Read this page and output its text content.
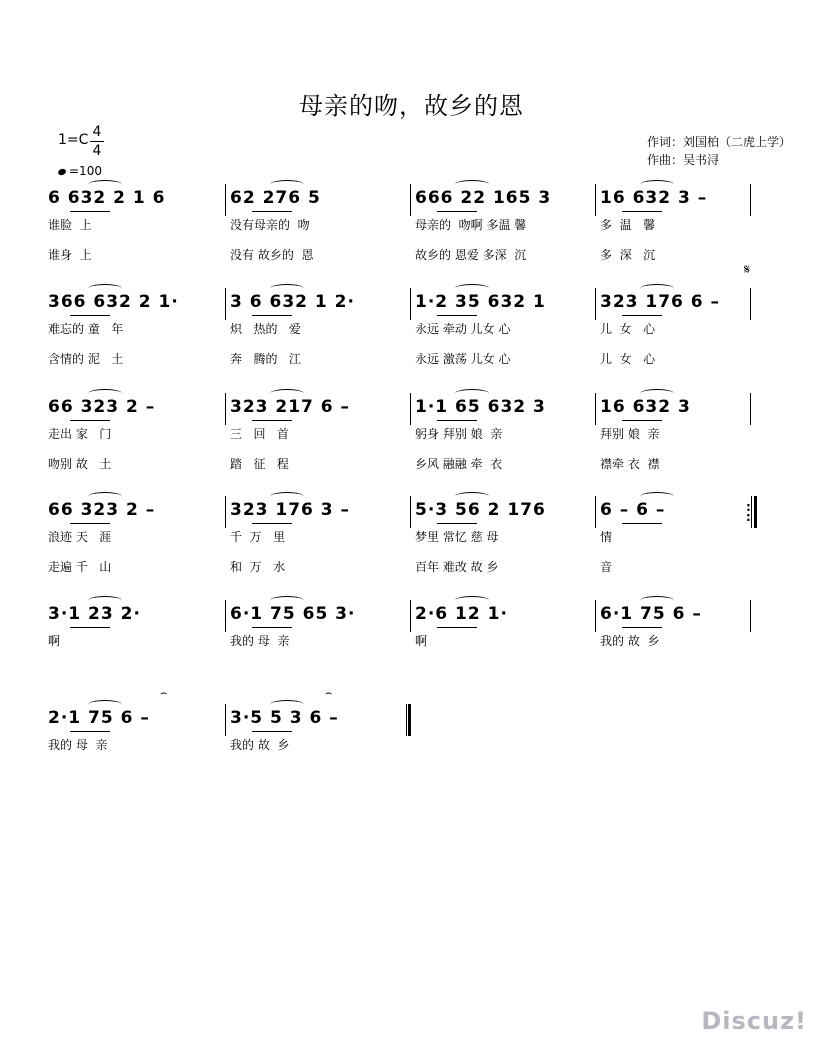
母亲的吻，故乡的恩
1=C 4
4
=100
作词：刘国柏（二虎上学）
作曲：吴书浔
6 632 2 1 6
谁脸  上
谁身  上
62 276 5
没有母亲的  吻
没有 故乡的  恩
666 22 165 3
母亲的  吻啊 多温 馨
故乡的 恩爱 多深  沉
16 632 3 –
多  温   馨
多  深   沉
366 632 2 1·
难忘的 童   年
含情的 泥   土
3 6 632 1 2·
炽   热的   爱
奔   腾的   江
1·2 35 632 1
永远 牵动 儿女 心
永远 激荡 儿女 心
323 176 6 –
儿  女   心
儿  女   心
66 323 2 –
走出 家   门
吻别 故   土
323 217 6 –
三   回   首
踏   征   程
1·1 65 632 3
躬身 拜别 娘  亲
乡风 融融 牵  衣
16 632 3
拜别 娘  亲
襟牵 衣  襟
66 323 2 –
浪迹 天   涯
走遍 千   山
323 176 3 –
千  万   里
和  万   水
5·3 56 2 176
梦里 常忆 慈 母
百年 难改 故 乡
6 – 6 –
情
音
:
:
3·1 23 2·
啊
6·1 75 65 3·
我的 母  亲
2·6 12 1·
啊
6·1 75 6 –
我的 故  乡
2·1 75 6 –
我的 母  亲
3·5 5 3 6 –
我的 故  乡
𝄋
Discuz!
⌢	⌢
